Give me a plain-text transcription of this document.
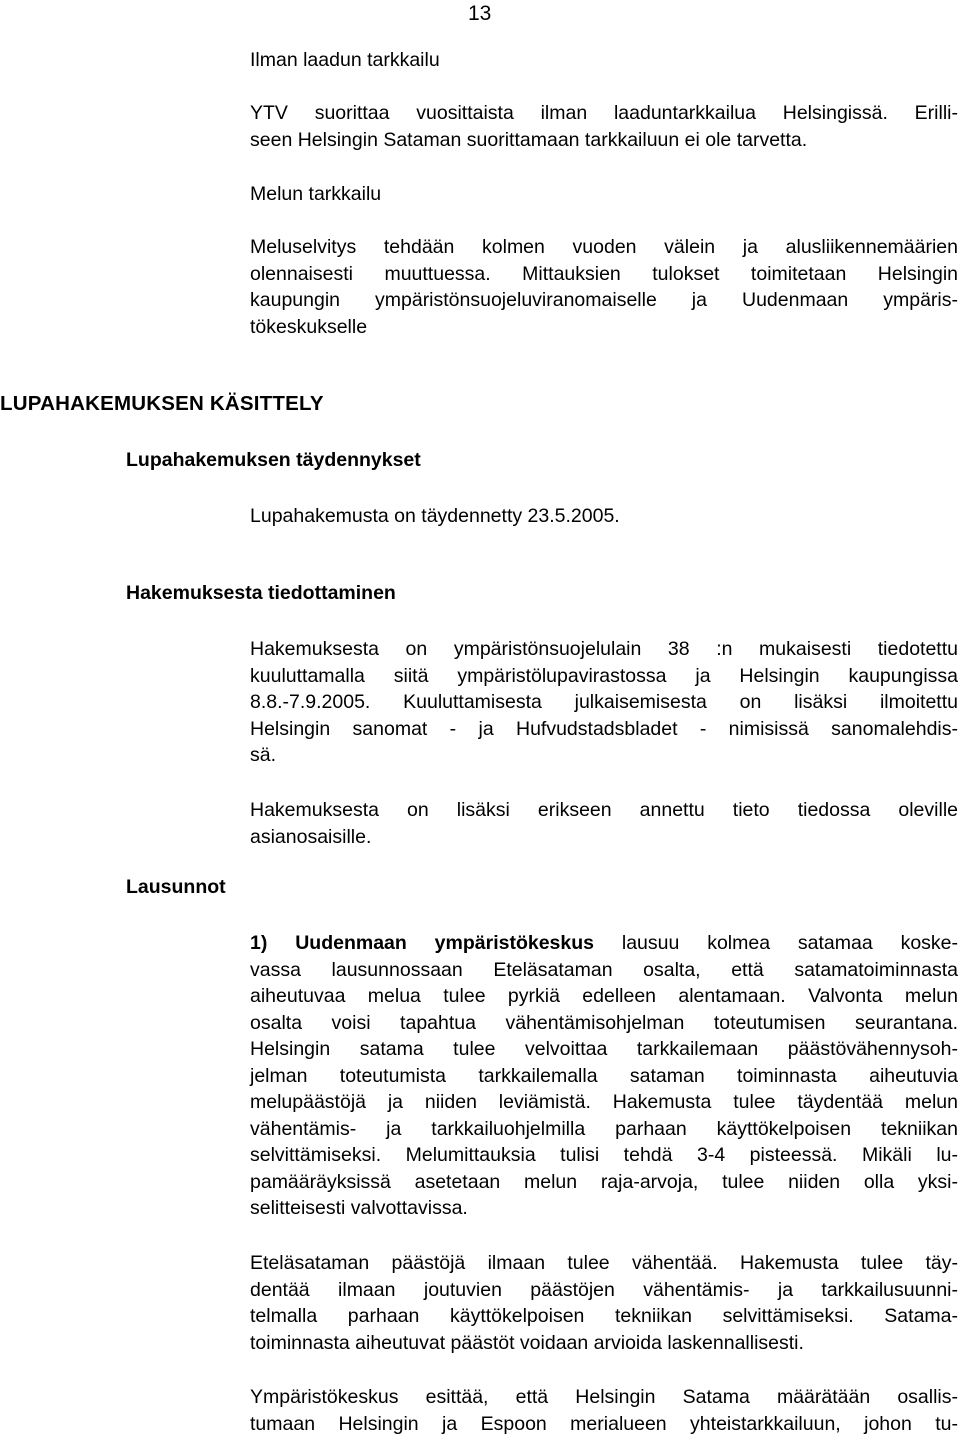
13
Ilman laadun tarkkailu
YTV suorittaa vuosittaista ilman laaduntarkkailua Helsingissä. Erilli-
seen Helsingin Sataman suorittamaan tarkkailuun ei ole tarvetta.
Melun tarkkailu
Meluselvitys tehdään kolmen vuoden välein ja alusliikennemäärien
olennaisesti muuttuessa. Mittauksien tulokset toimitetaan Helsingin
kaupungin ympäristönsuojeluviranomaiselle ja Uudenmaan ympäris-
tökeskukselle
LUPAHAKEMUKSEN KÄSITTELY
Lupahakemuksen täydennykset
Lupahakemusta on täydennetty 23.5.2005.
Hakemuksesta tiedottaminen
Hakemuksesta on ympäristönsuojelulain 38 :n mukaisesti tiedotettu
kuuluttamalla siitä ympäristölupavirastossa ja Helsingin kaupungissa
8.8.-7.9.2005. Kuuluttamisesta julkaisemisesta on lisäksi ilmoitettu
Helsingin sanomat - ja Hufvudstadsbladet - nimisissä sanomalehdis-
sä.
Hakemuksesta on lisäksi erikseen annettu tieto tiedossa oleville
asianosaisille.
Lausunnot
1) Uudenmaan ympäristökeskus lausuu kolmea satamaa koske-
vassa lausunnossaan Eteläsataman osalta, että satamatoiminnasta
aiheutuvaa melua tulee pyrkiä edelleen alentamaan. Valvonta melun
osalta voisi tapahtua vähentämisohjelman toteutumisen seurantana.
Helsingin satama tulee velvoittaa tarkkailemaan päästövähennysoh-
jelman toteutumista tarkkailemalla sataman toiminnasta aiheutuvia
melupäästöjä ja niiden leviämistä. Hakemusta tulee täydentää melun
vähentämis- ja tarkkailuohjelmilla parhaan käyttökelpoisen tekniikan
selvittämiseksi. Melumittauksia tulisi tehdä 3-4 pisteessä. Mikäli lu-
pamääräyksissä asetetaan melun raja-arvoja, tulee niiden olla yksi-
selitteisesti valvottavissa.
Eteläsataman päästöjä ilmaan tulee vähentää. Hakemusta tulee täy-
dentää ilmaan joutuvien päästöjen vähentämis- ja tarkkailusuunni-
telmalla parhaan käyttökelpoisen tekniikan selvittämiseksi. Satama-
toiminnasta aiheutuvat päästöt voidaan arvioida laskennallisesti.
Ympäristökeskus esittää, että Helsingin Satama määrätään osallis-
tumaan Helsingin ja Espoon merialueen yhteistarkkailuun, johon tu-
